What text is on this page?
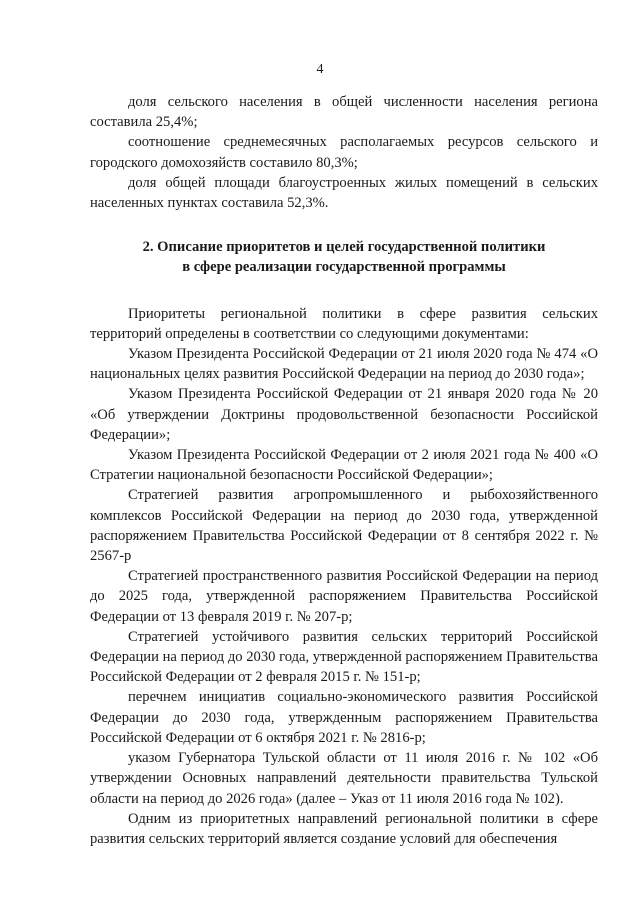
4

доля сельского населения в общей численности населения региона составила 25,4%;

соотношение среднемесячных располагаемых ресурсов сельского и городского домохозяйств составило 80,3%;

доля общей площади благоустроенных жилых помещений в сельских населенных пунктах составила 52,3%.

2. Описание приоритетов и целей государственной политики
в сфере реализации государственной программы

Приоритеты региональной политики в сфере развития сельских территорий определены в соответствии со следующими документами:

Указом Президента Российской Федерации от 21 июля 2020 года № 474 «О национальных целях развития Российской Федерации на период до 2030 года»;

Указом Президента Российской Федерации от 21 января 2020 года № 20 «Об утверждении Доктрины продовольственной безопасности Российской Федерации»;

Указом Президента Российской Федерации от 2 июля 2021 года № 400 «О Стратегии национальной безопасности Российской Федерации»;

Стратегией развития агропромышленного и рыбохозяйственного комплексов Российской Федерации на период до 2030 года, утвержденной распоряжением Правительства Российской Федерации от 8 сентября 2022 г. № 2567-р

Стратегией пространственного развития Российской Федерации на период до 2025 года, утвержденной распоряжением Правительства Российской Федерации от 13 февраля 2019 г. № 207-р;

Стратегией устойчивого развития сельских территорий Российской Федерации на период до 2030 года, утвержденной распоряжением Правительства Российской Федерации от 2 февраля 2015 г. № 151-р;

перечнем инициатив социально-экономического развития Российской Федерации до 2030 года, утвержденным распоряжением Правительства Российской Федерации от 6 октября 2021 г. № 2816-р;

указом Губернатора Тульской области от 11 июля 2016 г. № 102 «Об утверждении Основных направлений деятельности правительства Тульской области на период до 2026 года» (далее – Указ от 11 июля 2016 года № 102).

Одним из приоритетных направлений региональной политики в сфере развития сельских территорий является создание условий для обеспечения
